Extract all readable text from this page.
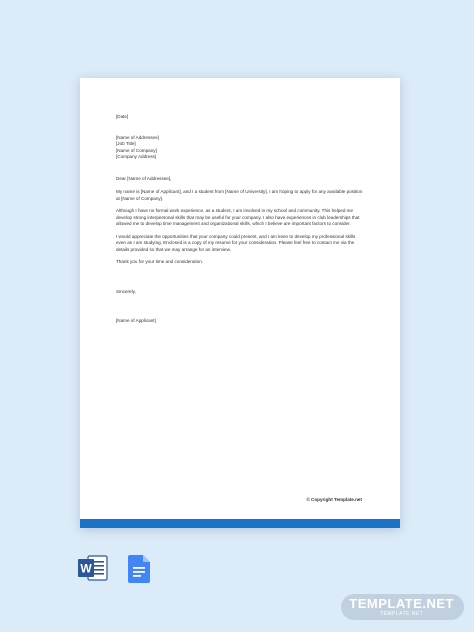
[Date]

[Name of Addressee]

[Job Title]

[Name of Company]

[Company Address]

Dear [Name of Addressee],

My name is [Name of Applicant], and I a student from [Name of University]. I am hoping to apply for any available position at [Name of Company].

Although I have no formal work experience, as a student, I am involved in my school and community. This helped me develop strong interpersonal skills that may be useful for your company. I also have experiences in club leaderships that allowed me to develop time management and organizational skills, which I believe are important factors to consider.

I would appreciate the opportunities that your company could present, and I am keen to develop my professional skills even as I am studying. Enclosed is a copy of my resume for your consideration. Please feel free to contact me via the details provided so that we may arrange for an interview.

Thank you for your time and consideration.

Sincerely,

[Name of Applicant]

© Copyright Template.net
W
TEMPLATE.NET
TEMPLATE.NET
